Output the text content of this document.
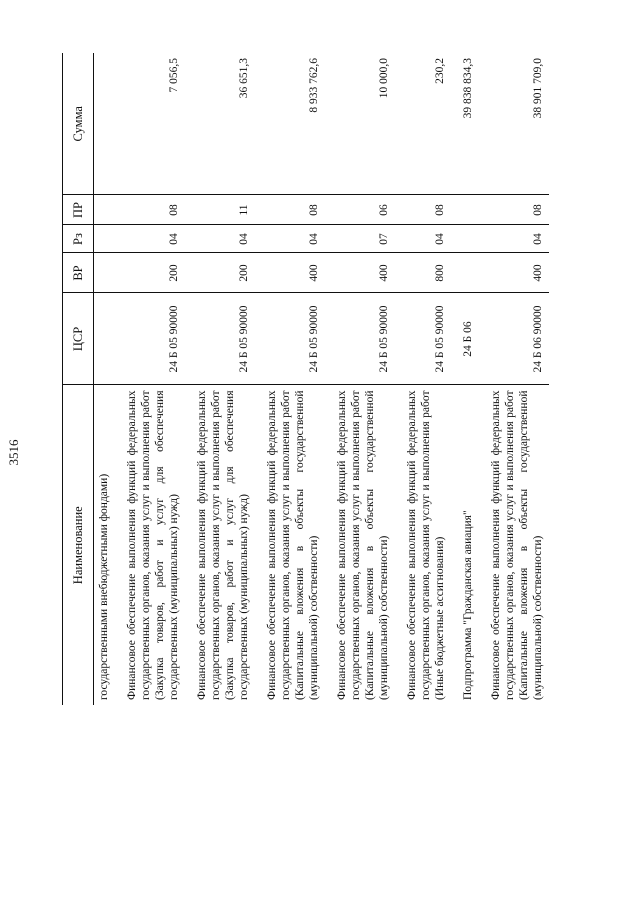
3516
Наименование	ЦСР	ВР	Рз	ПР	Сумма
государственными внебюджетными фондами)					
Финансовое обеспечение выполнения функций федеральных государственных органов, оказания услуг и выполнения работ (Закупка товаров, работ и услуг для обеспечения государственных (муниципальных) нужд)	24 Б 05 90000	200	04	08	7 056,5
Финансовое обеспечение выполнения функций федеральных государственных органов, оказания услуг и выполнения работ (Закупка товаров, работ и услуг для обеспечения государственных (муниципальных) нужд)	24 Б 05 90000	200	04	11	36 651,3
Финансовое обеспечение выполнения функций федеральных государственных органов, оказания услуг и выполнения работ (Капитальные вложения в объекты государственной (муниципальной) собственности)	24 Б 05 90000	400	04	08	8 933 762,6
Финансовое обеспечение выполнения функций федеральных государственных органов, оказания услуг и выполнения работ (Капитальные вложения в объекты государственной (муниципальной) собственности)	24 Б 05 90000	400	07	06	10 000,0
Финансовое обеспечение выполнения функций федеральных государственных органов, оказания услуг и выполнения работ (Иные бюджетные ассигнования)	24 Б 05 90000	800	04	08	230,2
Подпрограмма "Гражданская авиация"	24 Б 06				39 838 834,3
Финансовое обеспечение выполнения функций федеральных государственных органов, оказания услуг и выполнения работ (Капитальные вложения в объекты государственной (муниципальной) собственности)	24 Б 06 90000	400	04	08	38 901 709,0
